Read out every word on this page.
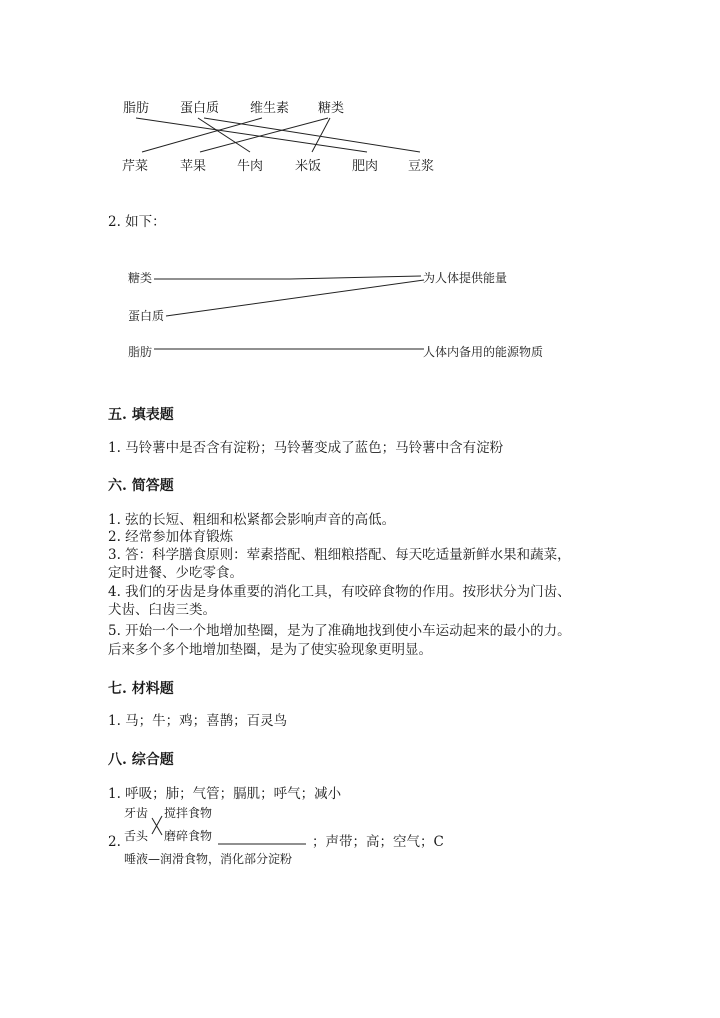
脂肪 蛋白质 维生素 糖类
芹菜 苹果 牛肉 米饭 肥肉 豆浆
2. 如下：
糖类
蛋白质
脂肪
为人体提供能量
人体内备用的能源物质
五. 填表题
1. 马铃薯中是否含有淀粉；马铃薯变成了蓝色；马铃薯中含有淀粉
六. 简答题
1. 弦的长短、粗细和松紧都会影响声音的高低。
2. 经常参加体育锻炼
3. 答：科学膳食原则：荤素搭配、粗细粮搭配、每天吃适量新鲜水果和蔬菜，
定时进餐、少吃零食。
4. 我们的牙齿是身体重要的消化工具，有咬碎食物的作用。按形状分为门齿、
犬齿、臼齿三类。
5. 开始一个一个地增加垫圈，是为了准确地找到使小车运动起来的最小的力。
后来多个多个地增加垫圈，是为了使实验现象更明显。
七. 材料题
1. 马；牛；鸡；喜鹊；百灵鸟
八. 综合题
1. 呼吸；肺；气管；膈肌；呼气；减小
2.
牙齿 搅拌食物
舌头 磨碎食物
唾液—润滑食物，消化部分淀粉
；声带；高；空气；C
